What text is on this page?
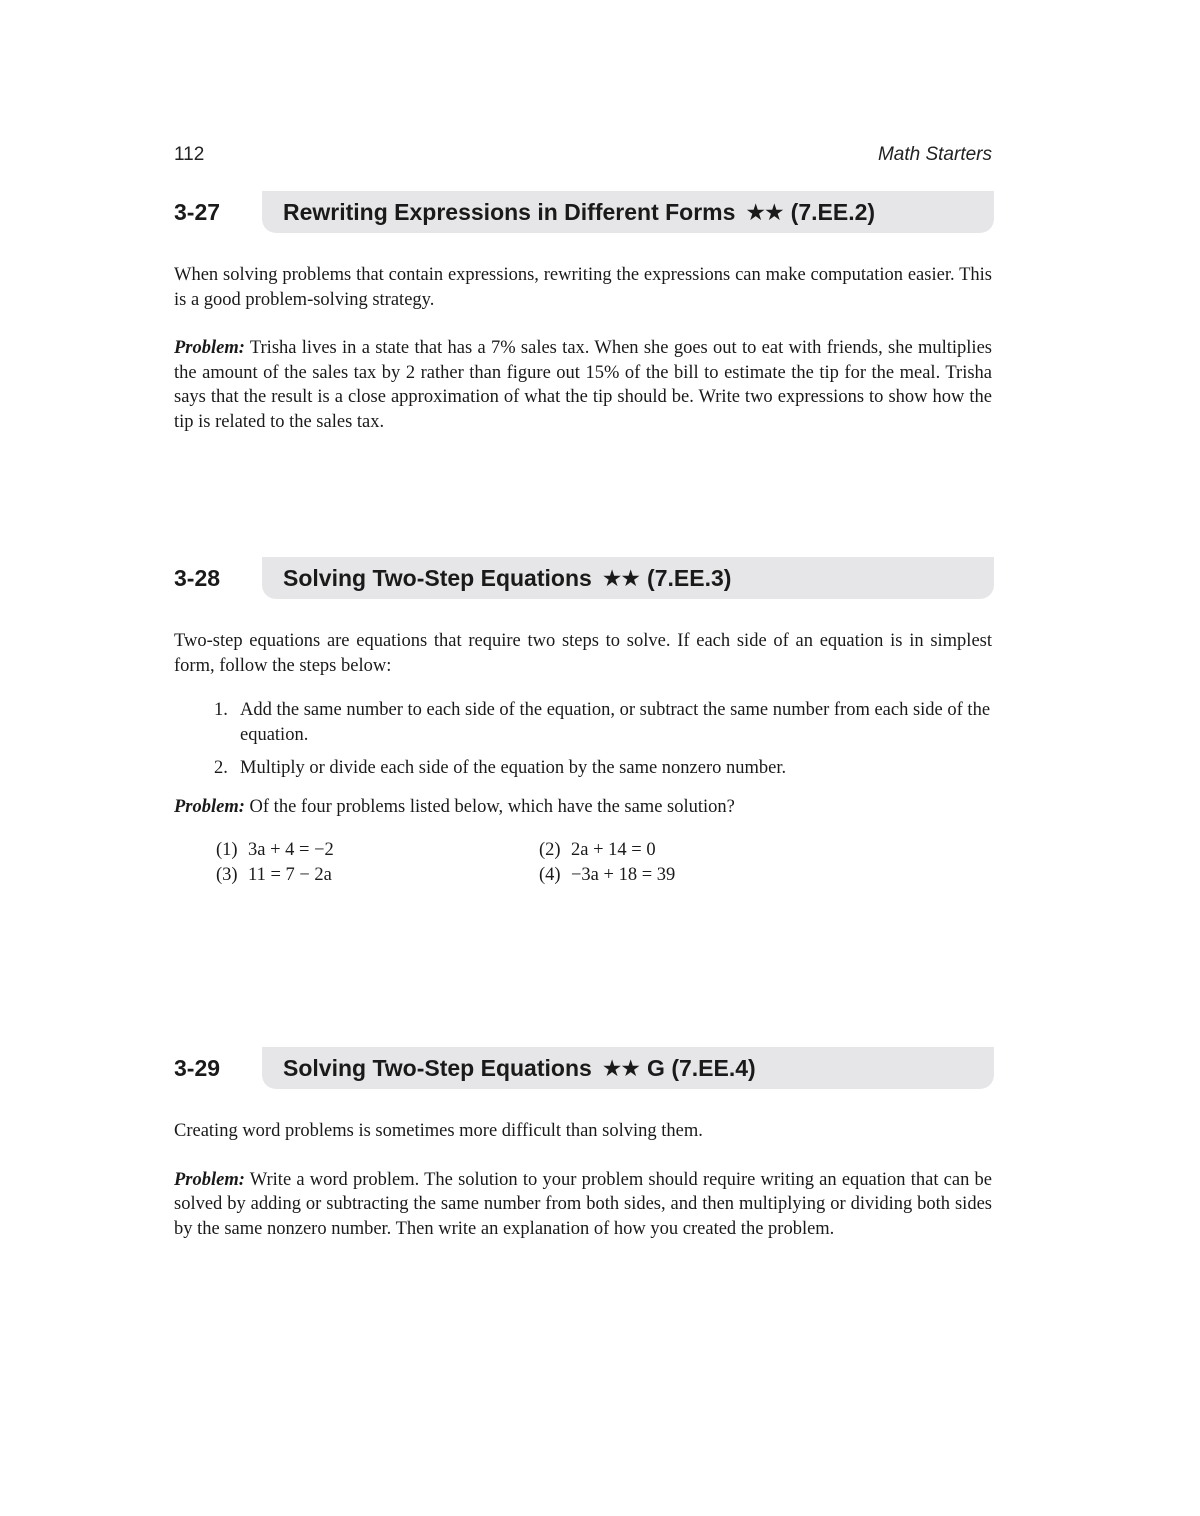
112	Math Starters
3-27	Rewriting Expressions in Different Forms ★★ (7.EE.2)

When solving problems that contain expressions, rewriting the expressions can make computation easier. This is a good problem-solving strategy.

Problem: Trisha lives in a state that has a 7% sales tax. When she goes out to eat with friends, she multiplies the amount of the sales tax by 2 rather than figure out 15% of the bill to estimate the tip for the meal. Trisha says that the result is a close approximation of what the tip should be. Write two expressions to show how the tip is related to the sales tax.

3-28	Solving Two-Step Equations ★★ (7.EE.3)

Two-step equations are equations that require two steps to solve. If each side of an equation is in simplest form, follow the steps below:

1. Add the same number to each side of the equation, or subtract the same number from each side of the equation.
2. Multiply or divide each side of the equation by the same nonzero number.

Problem: Of the four problems listed below, which have the same solution?

(1) 3a + 4 = −2	(2) 2a + 14 = 0
(3) 11 = 7 − 2a	(4) −3a + 18 = 39
3-29	Solving Two-Step Equations ★★ G (7.EE.4)

Creating word problems is sometimes more difficult than solving them.

Problem: Write a word problem. The solution to your problem should require writing an equation that can be solved by adding or subtracting the same number from both sides, and then multiplying or dividing both sides by the same nonzero number. Then write an explanation of how you created the problem.
